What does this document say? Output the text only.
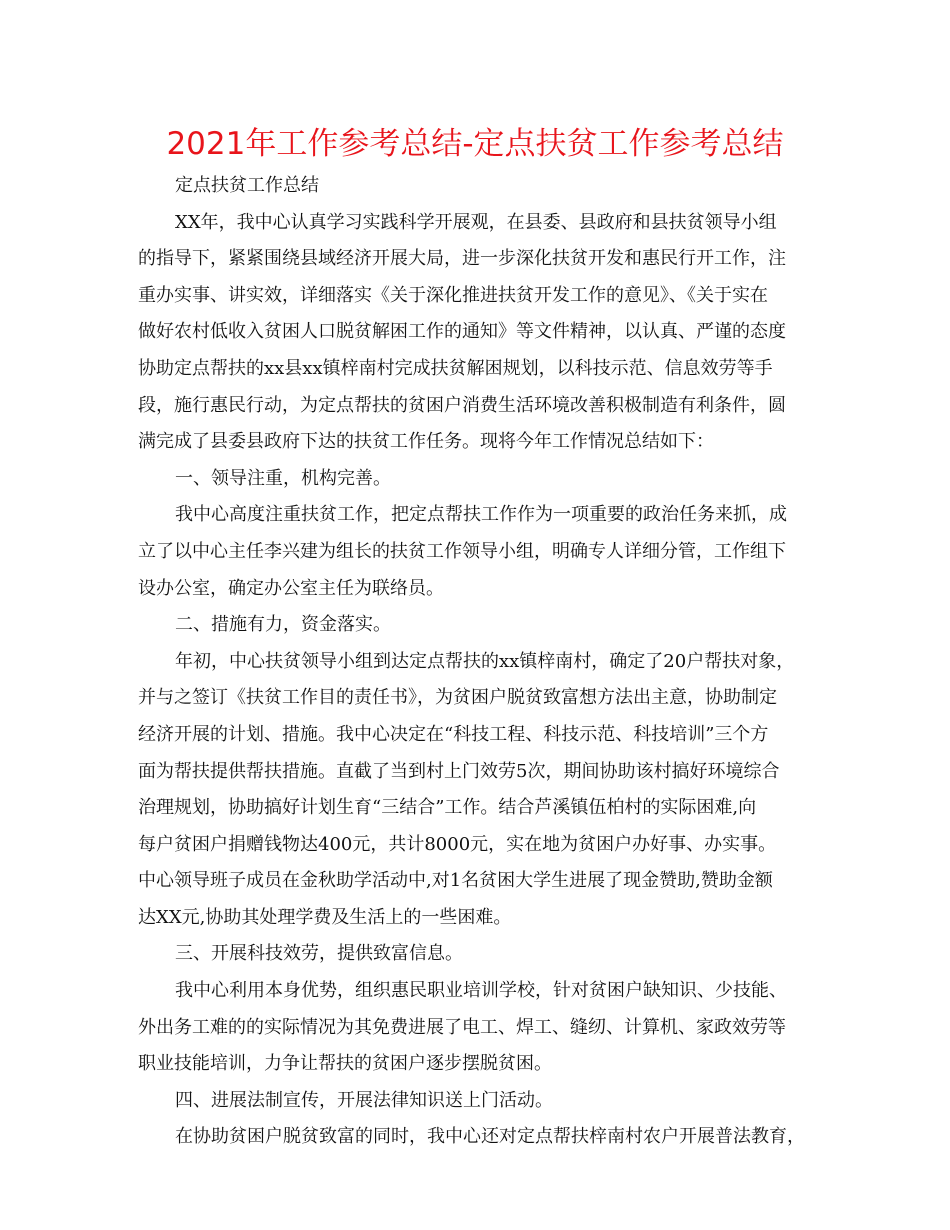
2021年工作参考总结-定点扶贫工作参考总结
定点扶贫工作总结
XX年，我中心认真学习实践科学开展观，在县委、县政府和县扶贫领导小组
的指导下，紧紧围绕县域经济开展大局，进一步深化扶贫开发和惠民行开工作，注
重办实事、讲实效，详细落实《关于深化推进扶贫开发工作的意见》、《关于实在
做好农村低收入贫困人口脱贫解困工作的通知》等文件精神，以认真、严谨的态度
协助定点帮扶的xx县xx镇梓南村完成扶贫解困规划，以科技示范、信息效劳等手
段，施行惠民行动，为定点帮扶的贫困户消费生活环境改善积极制造有利条件，圆
满完成了县委县政府下达的扶贫工作任务。现将今年工作情况总结如下：
一、领导注重，机构完善。
我中心高度注重扶贫工作，把定点帮扶工作作为一项重要的政治任务来抓，成
立了以中心主任李兴建为组长的扶贫工作领导小组，明确专人详细分管，工作组下
设办公室，确定办公室主任为联络员。
二、措施有力，资金落实。
年初，中心扶贫领导小组到达定点帮扶的xx镇梓南村，确定了20户帮扶对象，
并与之签订《扶贫工作目的责任书》，为贫困户脱贫致富想方法出主意，协助制定
经济开展的计划、措施。我中心决定在“科技工程、科技示范、科技培训”三个方
面为帮扶提供帮扶措施。直截了当到村上门效劳5次，期间协助该村搞好环境综合
治理规划，协助搞好计划生育“三结合”工作。结合芦溪镇伍柏村的实际困难,向
每户贫困户捐赠钱物达400元，共计8000元，实在地为贫困户办好事、办实事。
中心领导班子成员在金秋助学活动中,对1名贫困大学生进展了现金赞助,赞助金额
达XX元,协助其处理学费及生活上的一些困难。
三、开展科技效劳，提供致富信息。
我中心利用本身优势，组织惠民职业培训学校，针对贫困户缺知识、少技能、
外出务工难的的实际情况为其免费进展了电工、焊工、缝纫、计算机、家政效劳等
职业技能培训，力争让帮扶的贫困户逐步摆脱贫困。
四、进展法制宣传，开展法律知识送上门活动。
在协助贫困户脱贫致富的同时，我中心还对定点帮扶梓南村农户开展普法教育，
